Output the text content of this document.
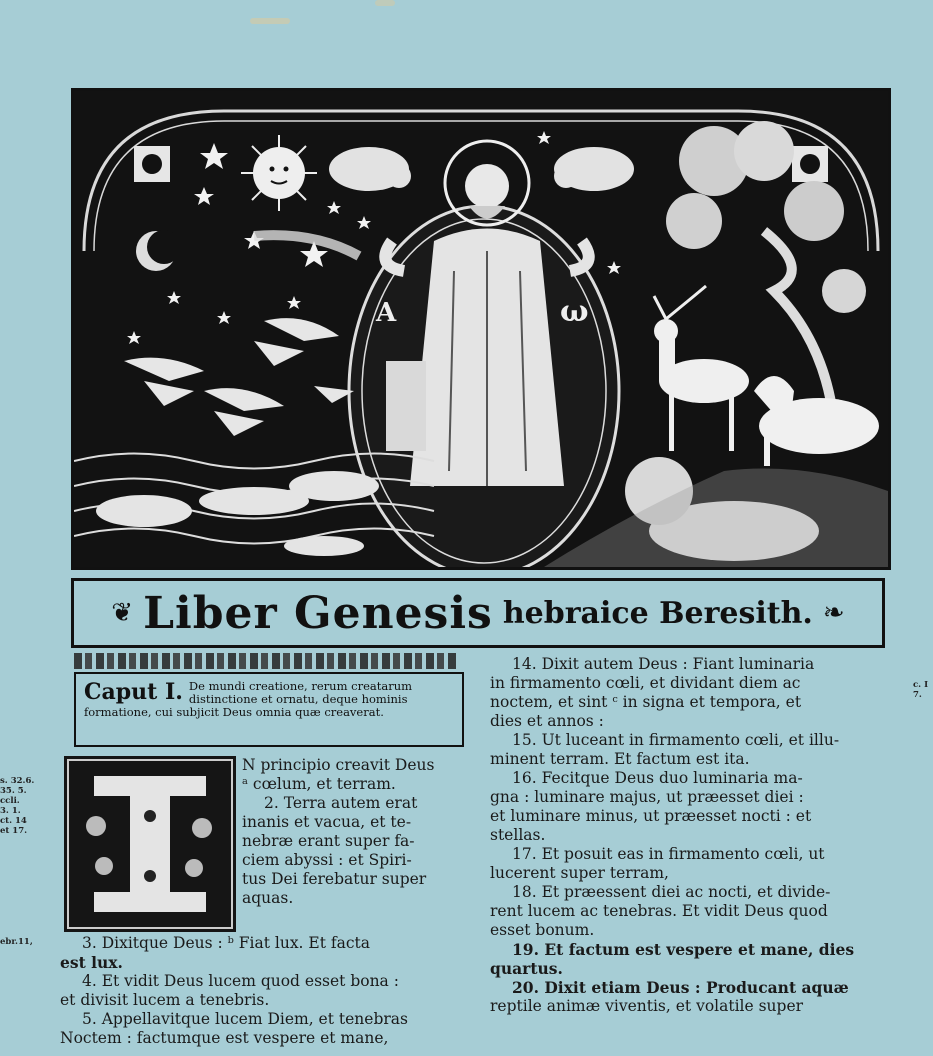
A	ω
❦ Liber Genesis hebraice Beresith. ❧
Caput I. De mundi creatione, rerum creatarum distinctione et ornatu, deque hominis formatione, cui subjicit Deus omnia quæ creaverat.

N principio creavit Deus

ᵃ cœlum, et terram.

2. Terra autem erat

inanis et vacua, et te-

nebræ erant super fa-

ciem abyssi : et Spiri-

tus Dei ferebatur super

aquas.

3. Dixitque Deus : ᵇ Fiat lux. Et facta

est lux.

4. Et vidit Deus lucem quod esset bona :

et divisit lucem a tenebris.

5. Appellavitque lucem Diem, et tenebras

Noctem : factumque est vespere et mane,

14. Dixit autem Deus : Fiant luminaria

in firmamento cœli, et dividant diem ac

noctem, et sint ᶜ in signa et tempora, et

dies et annos :

15. Ut luceant in firmamento cœli, et illu-

minent terram. Et factum est ita.

16. Fecitque Deus duo luminaria ma-

gna : luminare majus, ut præesset diei :

et luminare minus, ut præesset nocti : et

stellas.

17. Et posuit eas in firmamento cœli, ut

lucerent super terram,

18. Et præessent diei ac nocti, et divide-

rent lucem ac tenebras. Et vidit Deus quod

esset bonum.

19. Et factum est vespere et mane, dies

quartus.

20. Dixit etiam Deus : Producant aquæ

reptile animæ viventis, et volatile super

s. 32.6.
35. 5.
ccli.
3. 1.
ct. 14
et 17.
ebr.11,
c. I
7.
